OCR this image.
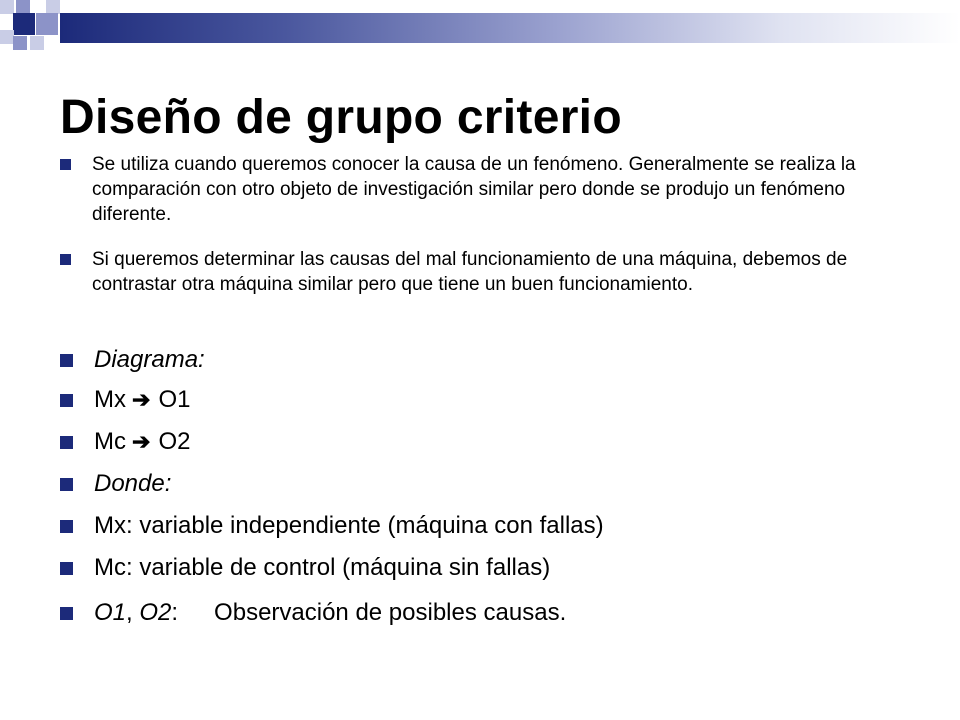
Diseño de grupo criterio
Se utiliza cuando queremos conocer la causa de un fenómeno. Generalmente se realiza la comparación con otro objeto de investigación similar pero donde se produjo un fenómeno diferente.
Si queremos determinar las causas del mal funcionamiento de una máquina, debemos de contrastar otra máquina similar pero que tiene un buen funcionamiento.
Diagrama:
Mx ➔ O1
Mc ➔ O2
Donde:
Mx: variable independiente (máquina con fallas)
Mc: variable de control (máquina sin fallas)
O1, O2: Observación de posibles causas.
